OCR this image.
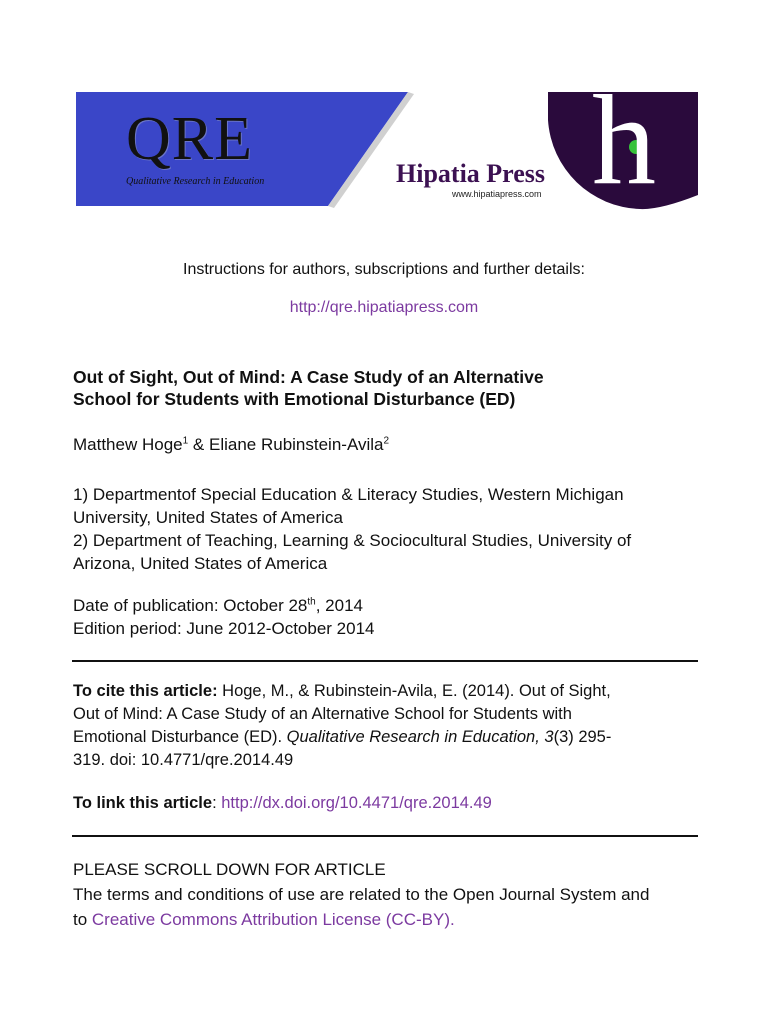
QRE
Qualitative Research in Education	Hipatia Press
www.hipatiapress.com h
Instructions for authors, subscriptions and further details:
http://qre.hipatiapress.com
Out of Sight, Out of Mind: A Case Study of an Alternative
School for Students with Emotional Disturbance (ED)
Matthew Hoge$^1$ & Eliane Rubinstein-Avila$^2$
1) Departmentof Special Education & Literacy Studies, Western Michigan
University, United States of America
2) Department of Teaching, Learning & Sociocultural Studies, University of
Arizona, United States of America
Date of publication: October 28th, 2014
Edition period: June 2012-October 2014
To cite this article: Hoge, M., & Rubinstein-Avila, E. (2014). Out of Sight,
Out of Mind: A Case Study of an Alternative School for Students with
Emotional Disturbance (ED). Qualitative Research in Education, 3(3) 295-
319. doi: 10.4771/qre.2014.49
To link this article: http://dx.doi.org/10.4471/qre.2014.49
PLEASE SCROLL DOWN FOR ARTICLE
The terms and conditions of use are related to the Open Journal System and
to Creative Commons Attribution License (CC-BY).
